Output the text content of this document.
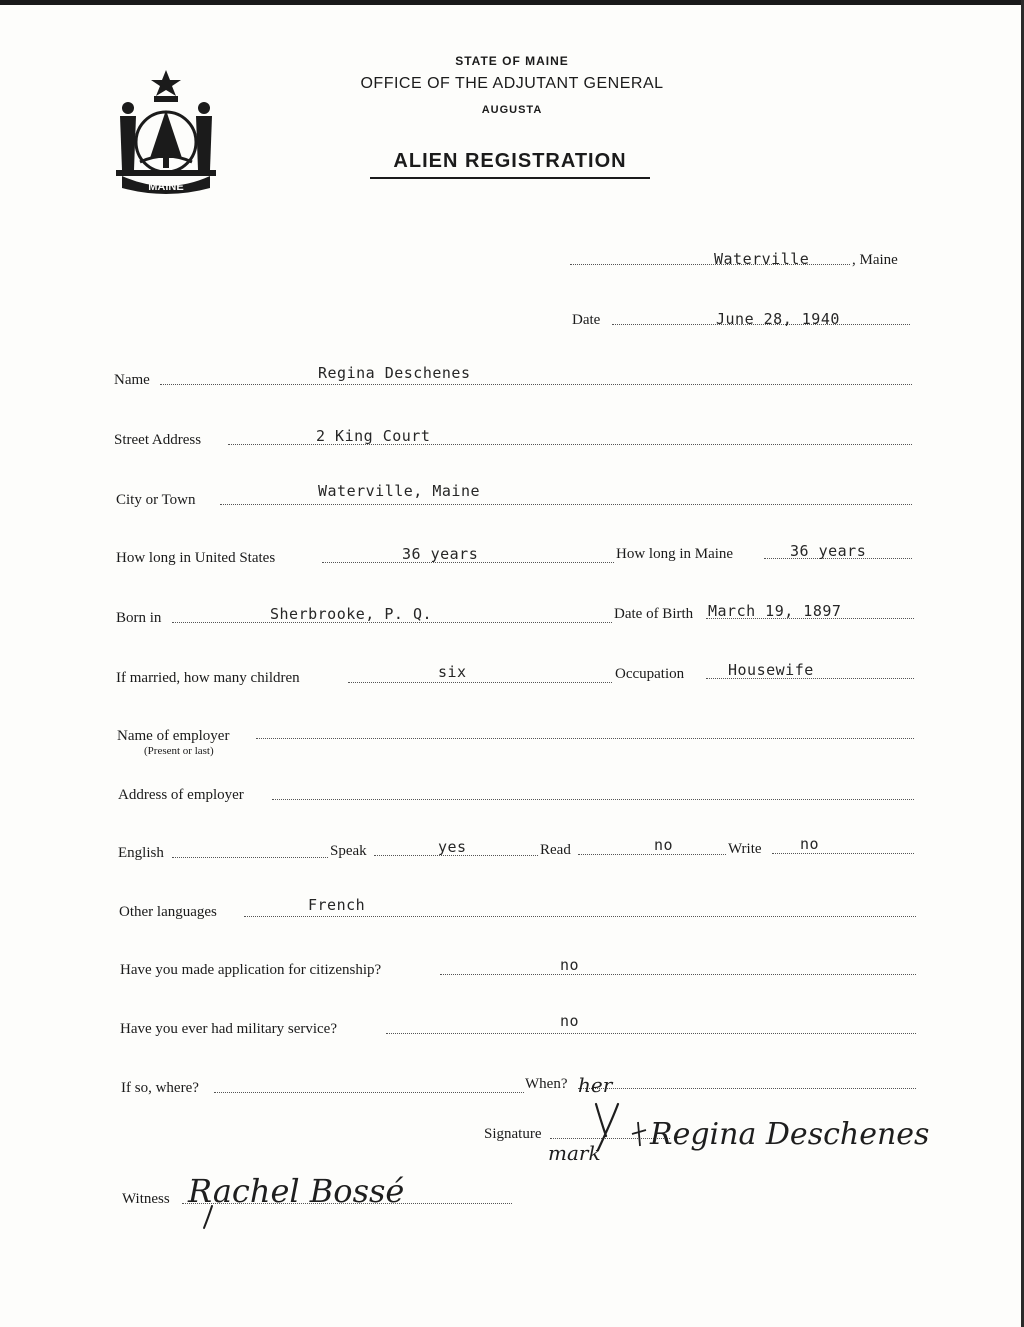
MAINE
STATE OF MAINE
OFFICE OF THE ADJUTANT GENERAL
AUGUSTA
ALIEN REGISTRATION
Waterville	, Maine
Date	June 28, 1940
Name	Regina Deschenes
Street Address	2 King Court
City or Town	Waterville, Maine
How long in United States	36 years	How long in Maine	36 years
Born in	Sherbrooke, P. Q.	Date of Birth March 19, 1897
If married, how many children	six	Occupation	Housewife
Name of employer
(Present or last)
Address of employer
English	Speak	yes	Read	no	Write	no
Other languages	French
Have you made application for citizenship?	no
Have you ever had military service?	no
If so, where?	When?
Signature
her
mark
Regina Deschenes
Witness Rachel Bossé
